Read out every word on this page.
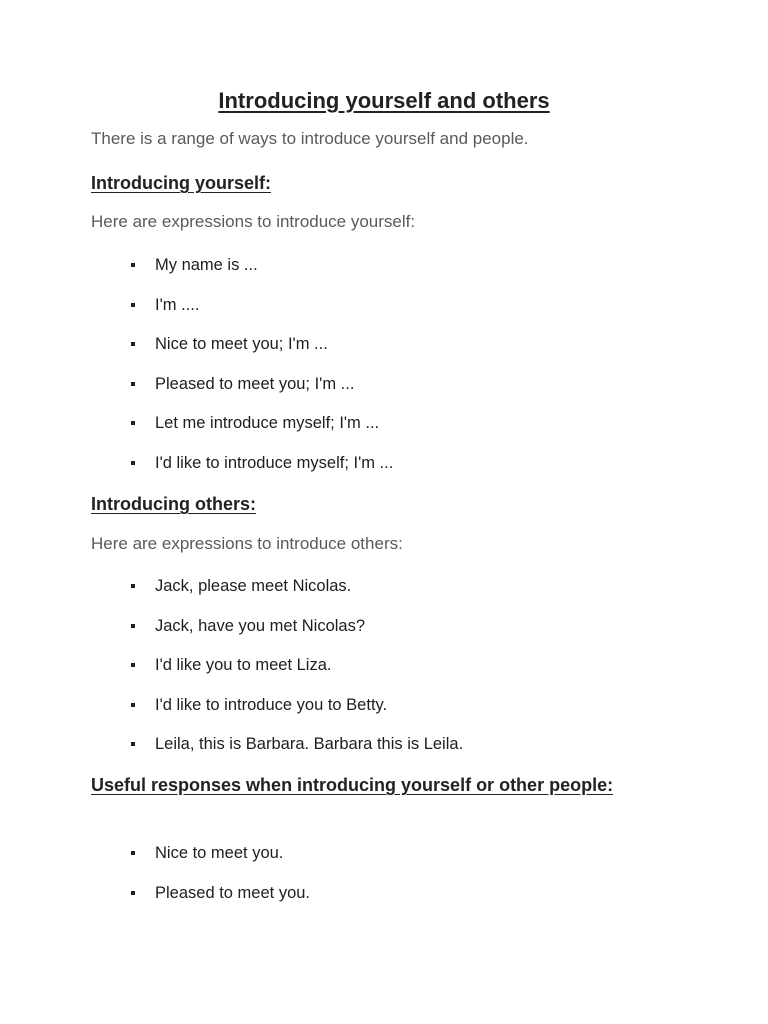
Introducing yourself and others
There is a range of ways to introduce yourself and people.
Introducing yourself:
Here are expressions to introduce yourself:
My name is ...
I'm ....
Nice to meet you; I'm ...
Pleased to meet you; I'm ...
Let me introduce myself; I'm ...
I'd like to introduce myself; I'm ...
Introducing others:
Here are expressions to introduce others:
Jack, please meet Nicolas.
Jack, have you met Nicolas?
I'd like you to meet Liza.
I'd like to introduce you to Betty.
Leila, this is Barbara. Barbara this is Leila.
Useful responses when introducing yourself or other people:
Nice to meet you.
Pleased to meet you.
